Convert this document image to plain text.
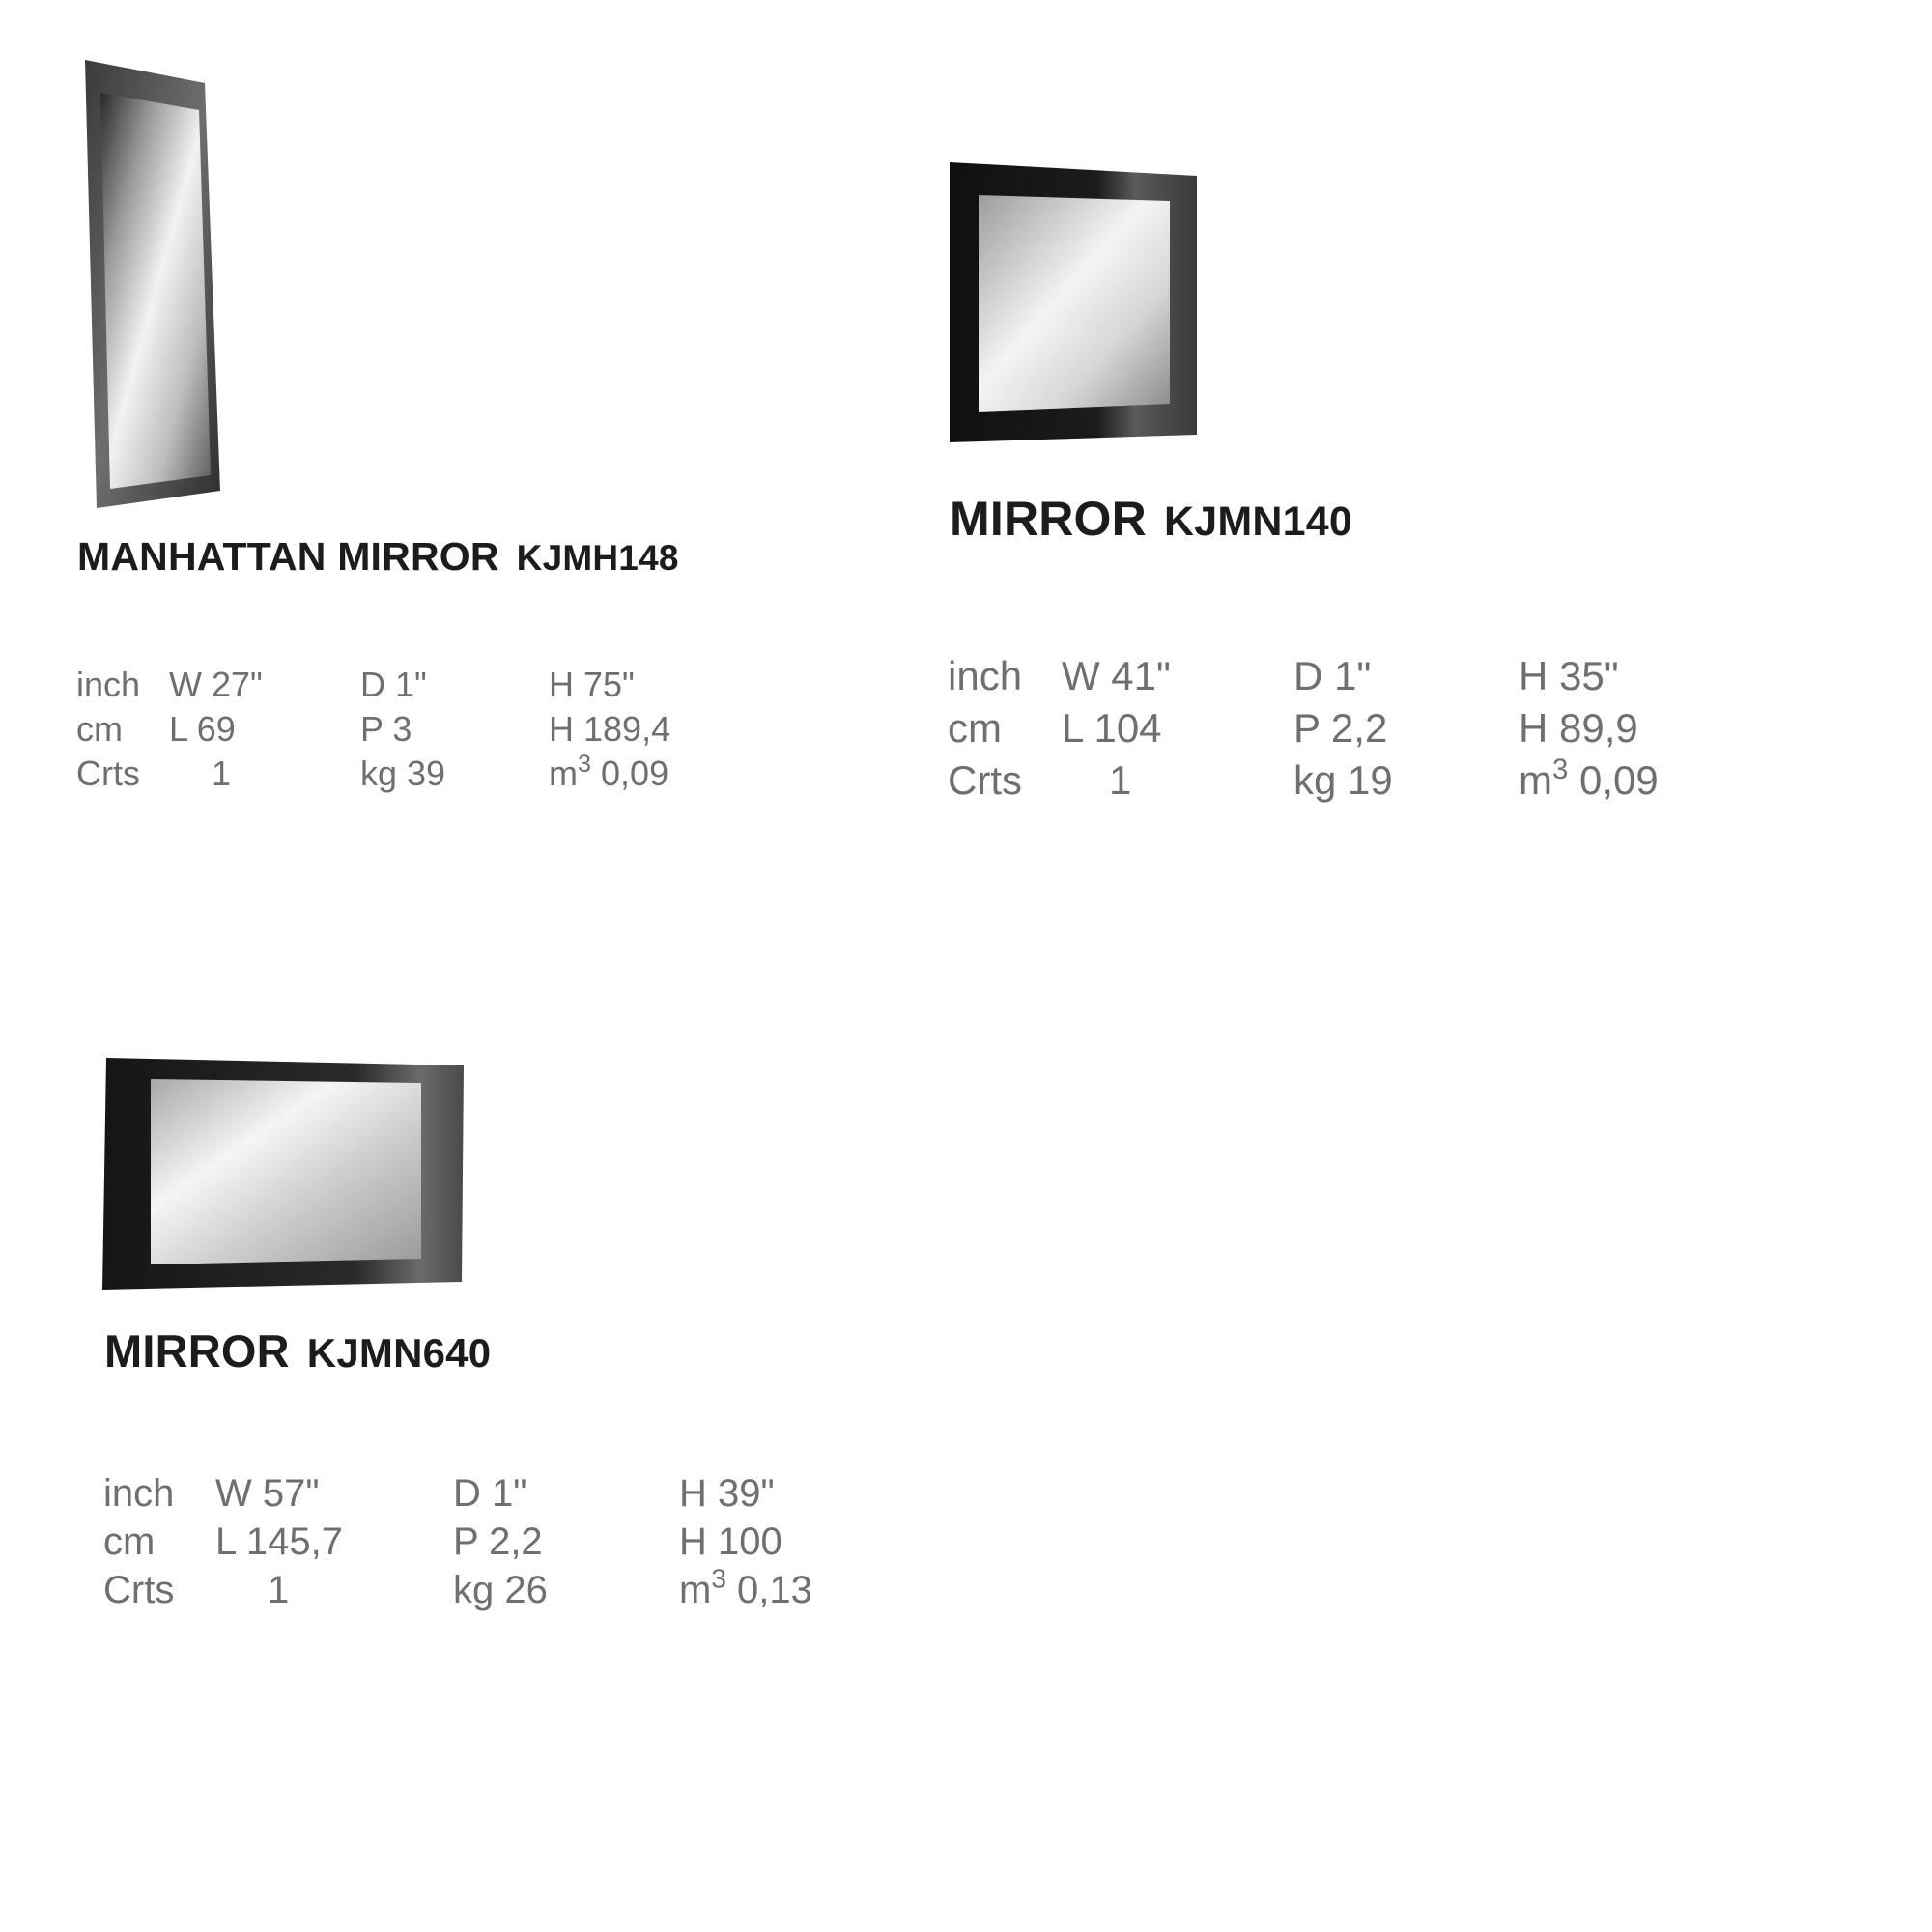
MANHATTAN MIRROR KJMH148
inch W 27"	D 1"	H 75"
cm L 69	P 3	H 189,4
Crts 1	kg 39	$m^3$ 0,09
MIRROR KJMN140
inch W 41"	D 1"	H 35"
cm L 104	P 2,2	H 89,9
Crts 1	kg 19	$m^3$ 0,09
MIRROR KJMN640
inch W 57"	D 1"	H 39"
cm L 145,7	P 2,2	H 100
Crts 1	kg 26	$m^3$ 0,13
